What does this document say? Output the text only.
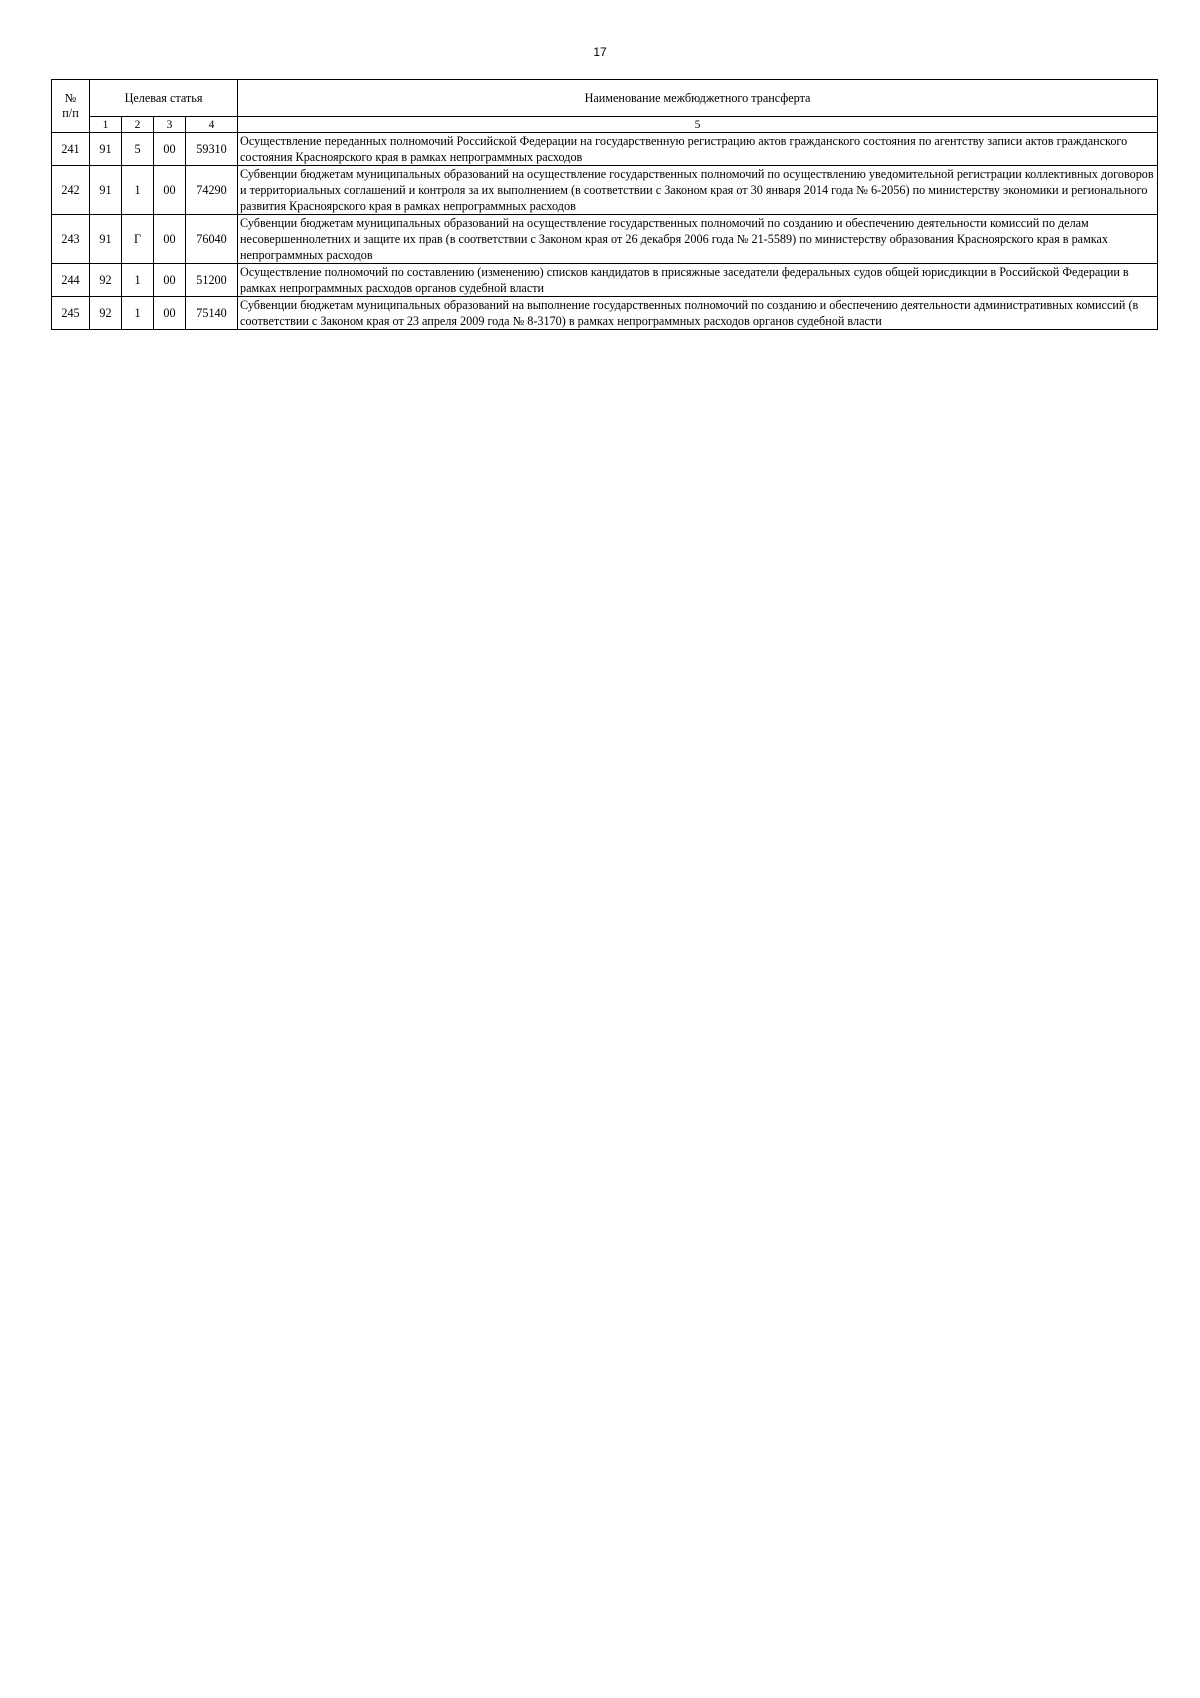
17
№
п/п	Целевая статья				Наименование межбюджетного трансферта
	1	2	3	4	5
241	91	5	00	59310	Осуществление переданных полномочий Российской Федерации на государственную регистрацию актов гражданского состояния по агентству записи актов гражданского состояния Красноярского края в рамках непрограммных расходов
242	91	1	00	74290	Субвенции бюджетам муниципальных образований на осуществление государственных полномочий по осуществлению уведомительной регистрации коллективных договоров и территориальных соглашений и контроля за их выполнением (в соответствии с Законом края от 30 января 2014 года № 6-2056) по министерству экономики и регионального развития Красноярского края в рамках непрограммных расходов
243	91	Г	00	76040	Субвенции бюджетам муниципальных образований на осуществление государственных полномочий по созданию и обеспечению деятельности комиссий по делам несовершеннолетних и защите их прав (в соответствии с Законом края от 26 декабря 2006 года № 21-5589) по министерству образования Красноярского края в рамках непрограммных расходов
244	92	1	00	51200	Осуществление полномочий по составлению (изменению) списков кандидатов в присяжные заседатели федеральных судов общей юрисдикции в Российской Федерации в рамках непрограммных расходов органов судебной власти
245	92	1	00	75140	Субвенции бюджетам муниципальных образований на выполнение государственных полномочий по созданию и обеспечению деятельности административных комиссий (в соответствии с Законом края от 23 апреля 2009 года № 8-3170) в рамках непрограммных расходов органов судебной власти
